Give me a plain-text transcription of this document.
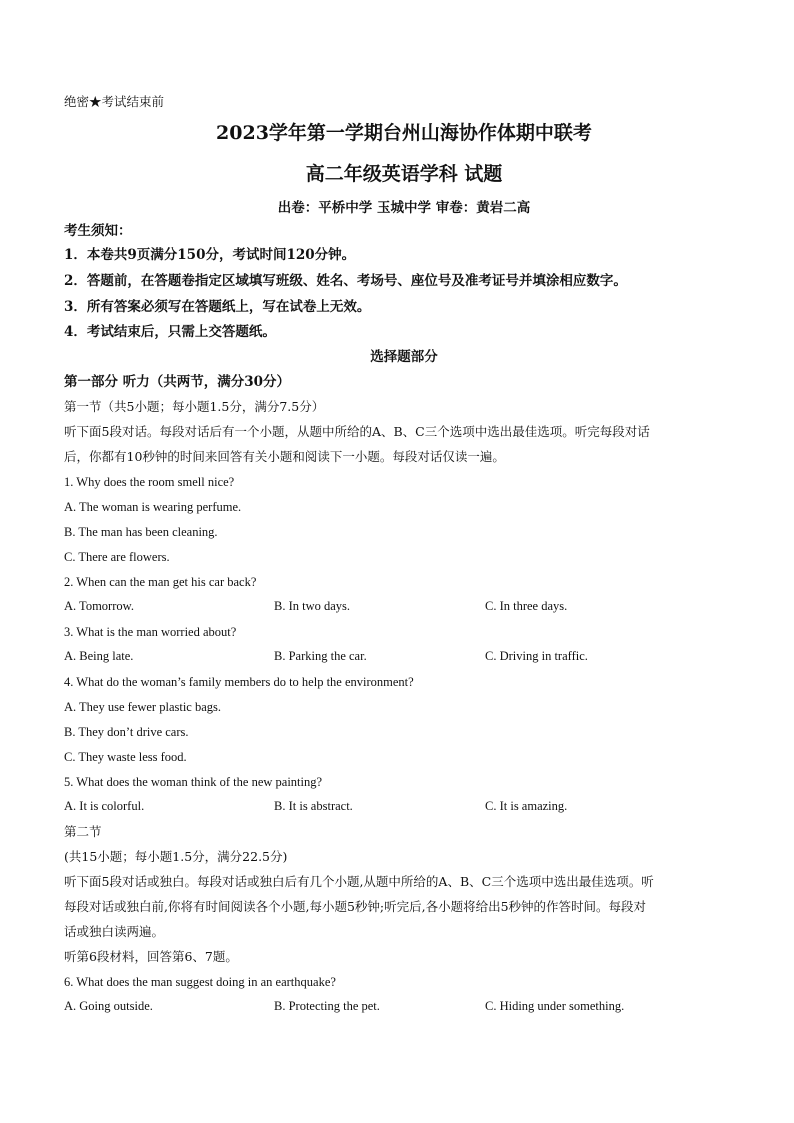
绝密★考试结束前
2023学年第一学期台州山海协作体期中联考
高二年级英语学科 试题
出卷：平桥中学 玉城中学 审卷：黄岩二高
考生须知：
1．本卷共9页满分150分，考试时间120分钟。
2．答题前，在答题卷指定区域填写班级、姓名、考场号、座位号及准考证号并填涂相应数字。
3．所有答案必须写在答题纸上，写在试卷上无效。
4．考试结束后，只需上交答题纸。
选择题部分
第一部分 听力（共两节，满分30分）
第一节（共5小题；每小题1.5分，满分7.5分）
听下面5段对话。每段对话后有一个小题，从题中所给的A、B、C三个选项中选出最佳选项。听完每段对话
后，你都有10秒钟的时间来回答有关小题和阅读下一小题。每段对话仅读一遍。
1. Why does the room smell nice?
A. The woman is wearing perfume.
B. The man has been cleaning.
C. There are flowers.
2. When can the man get his car back?
A. Tomorrow.	B. In two days.	C. In three days.
3. What is the man worried about?
A. Being late.	B. Parking the car.	C. Driving in traffic.
4. What do the woman’s family members do to help the environment?
A. They use fewer plastic bags.
B. They don’t drive cars.
C. They waste less food.
5. What does the woman think of the new painting?
A. It is colorful.	B. It is abstract.	C. It is amazing.
第二节
(共15小题；每小题1.5分，满分22.5分)
听下面5段对话或独白。每段对话或独白后有几个小题,从题中所给的A、B、C三个选项中选出最佳选项。听
每段对话或独白前,你将有时间阅读各个小题,每小题5秒钟;听完后,各小题将给出5秒钟的作答时间。每段对
话或独白读两遍。
听第6段材料，回答第6、7题。
6. What does the man suggest doing in an earthquake?
A. Going outside.	B. Protecting the pet.	C. Hiding under something.
